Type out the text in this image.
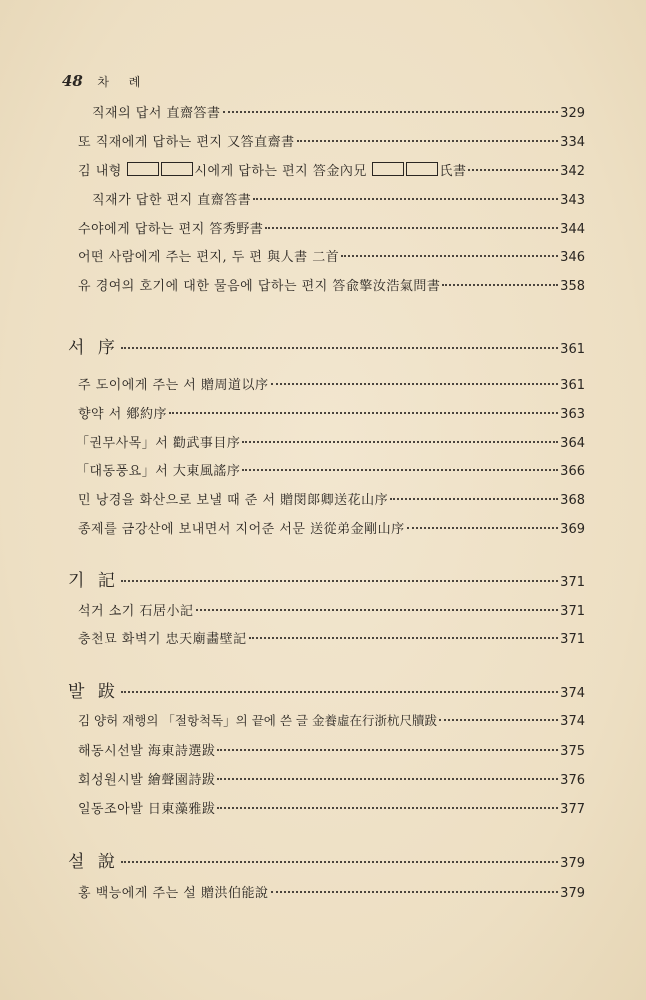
48 차 례
직재의 답서 直齋答書	329
또 직재에게 답하는 편지 又答直齋書	334
김 내형	시에게 답하는 편지 答金內兄	氏書	342
직재가 답한 편지 直齋答書	343
수야에게 답하는 편지 答秀野書	344
어떤 사람에게 주는 편지, 두 편 與人書 二首	346
유 경여의 호기에 대한 물음에 답하는 편지 答兪擎汝浩氣問書	358
서 序	361
주 도이에게 주는 서 贈周道以序	361
향약 서 鄕約序	363
「권무사목」서 勸武事目序	364
「대동풍요」서 大東風謠序	366
민 낭경을 화산으로 보낼 때 준 서 贈閔郞卿送花山序	368
종제를 금강산에 보내면서 지어준 서문 送從弟金剛山序	369
기 記	371
석거 소기 石居小記	371
충천묘 화벽기 忠天廟畵壁記	371
발 跋	374
김 양허 재행의 「절항척독」의 끝에 쓴 글 金養虛在行浙杭尺牘跋	374
해동시선발 海東詩選跋	375
회성원시발 繪聲園詩跋	376
일동조아발 日東藻雅跋	377
설 說	379
홍 백능에게 주는 설 贈洪伯能說	379
